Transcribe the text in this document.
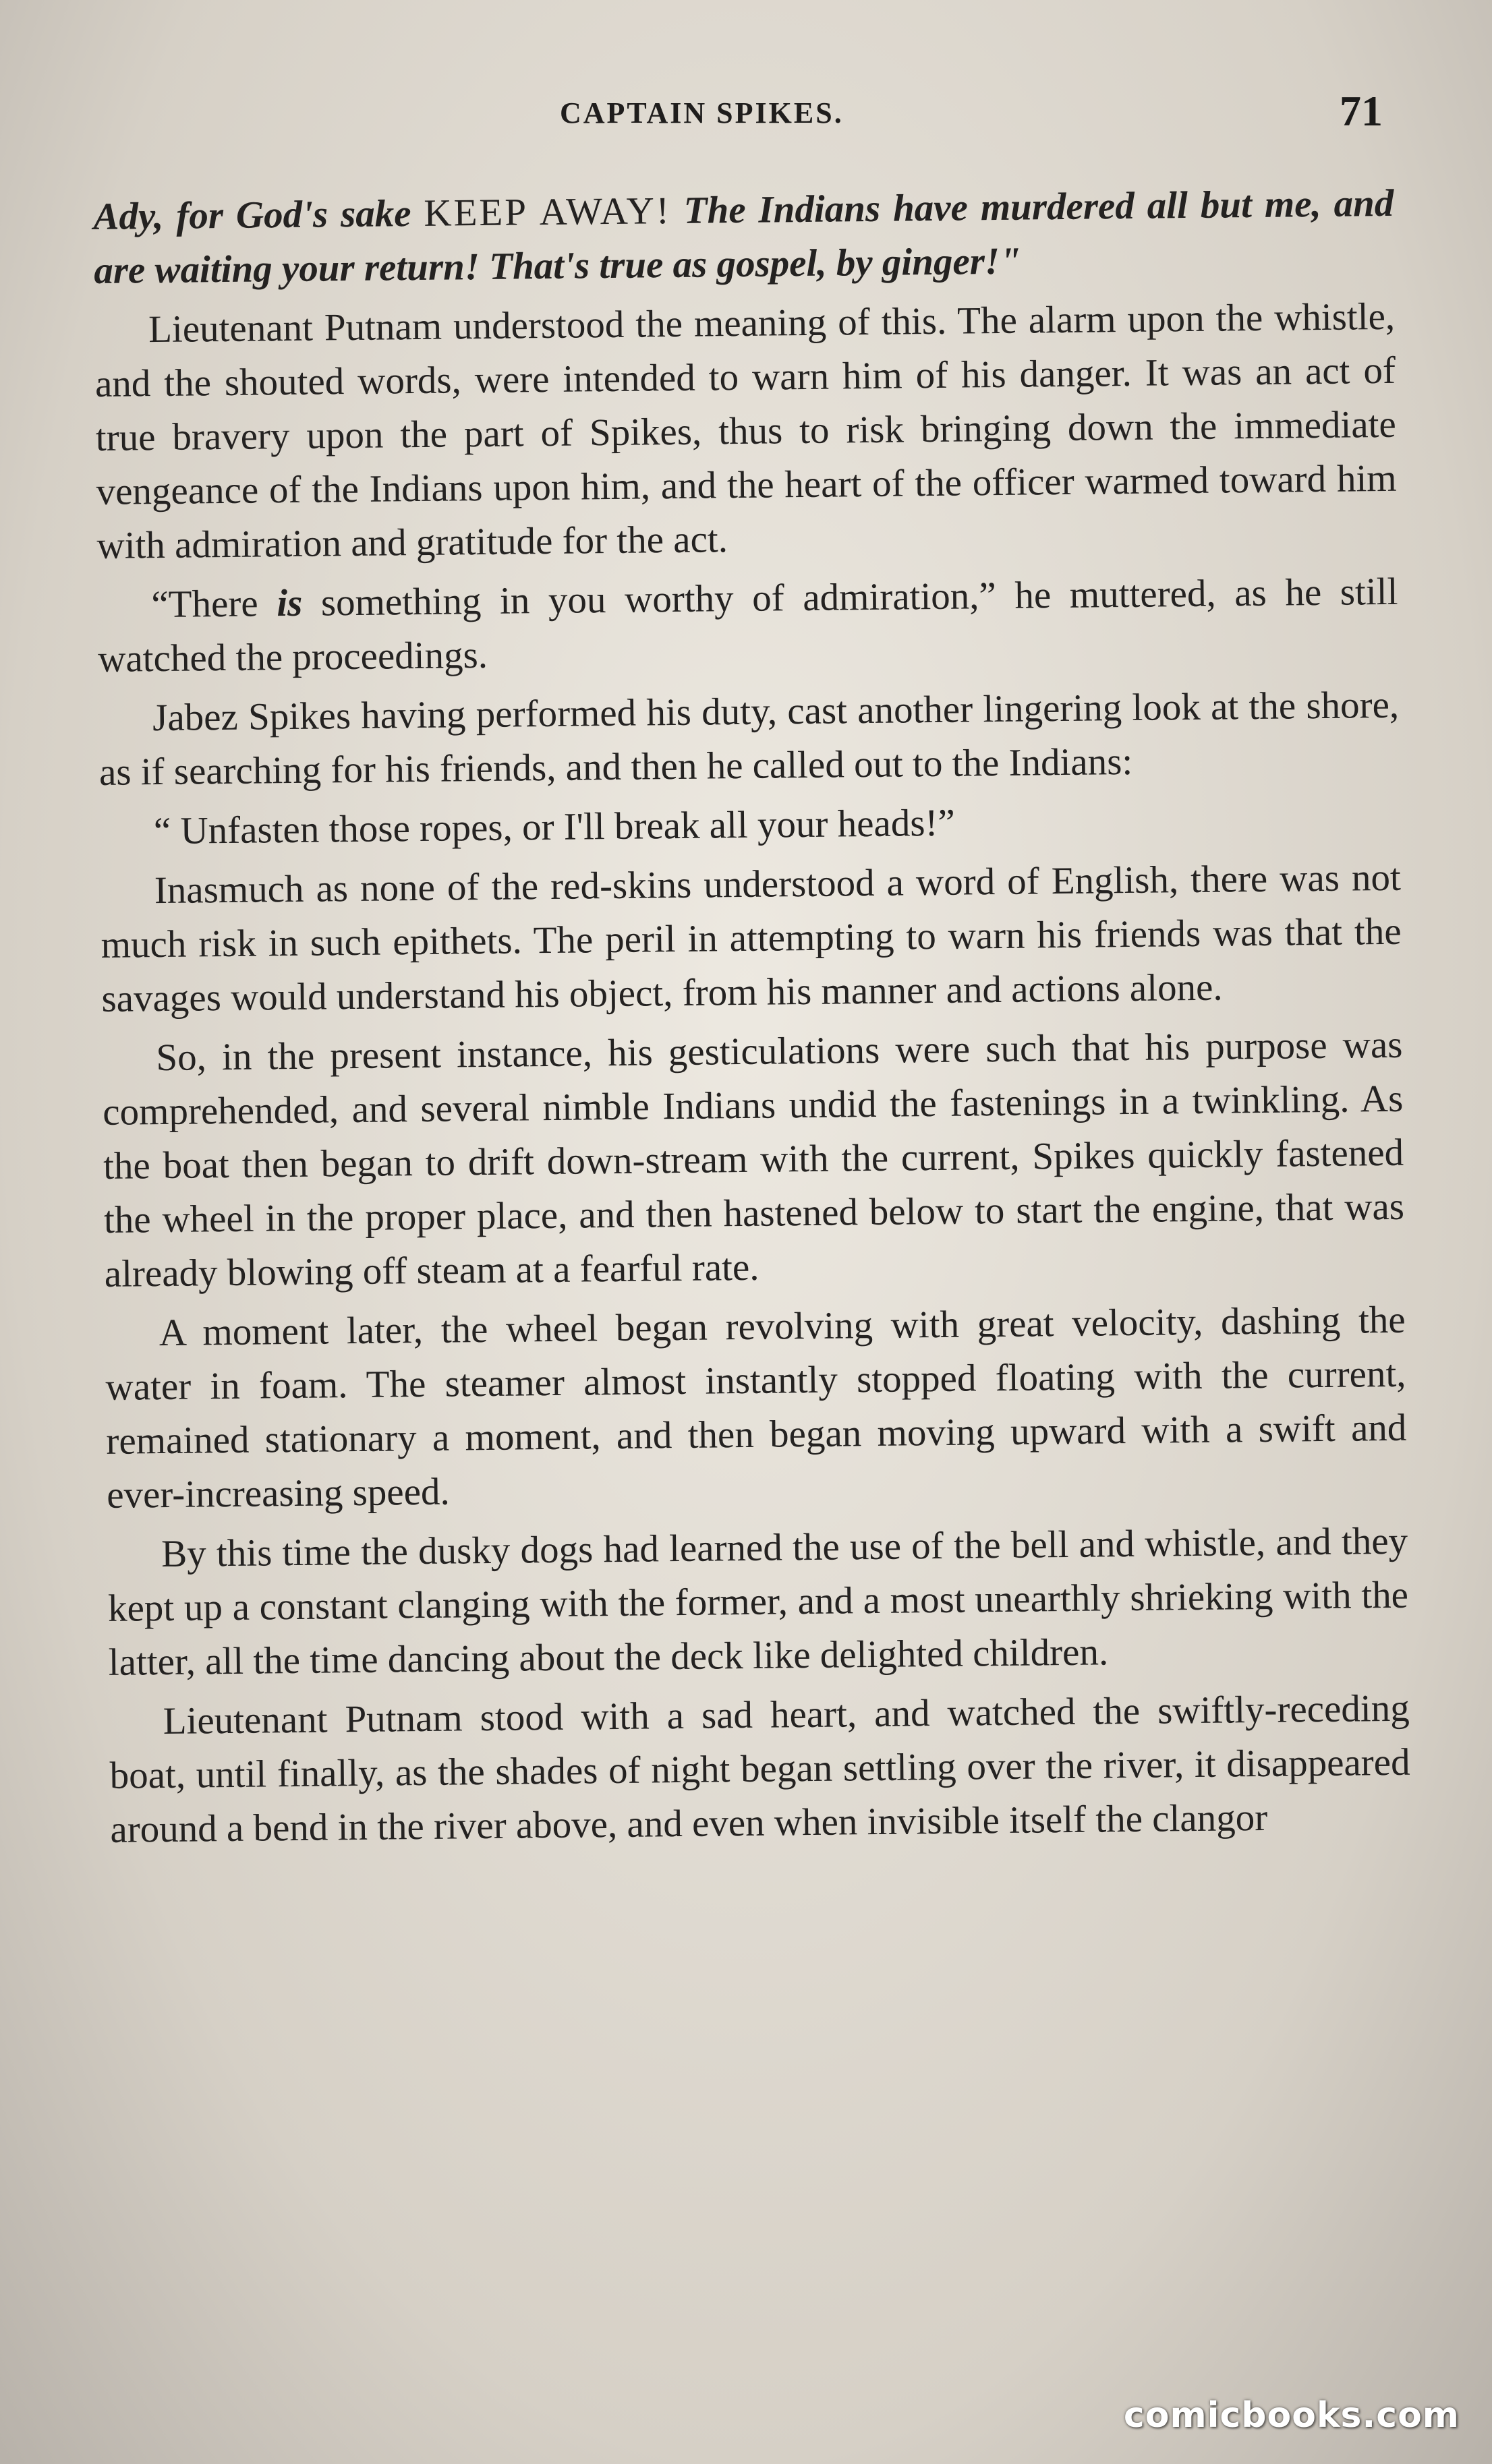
CAPTAIN SPIKES.	71

Ady, for God's sake KEEP AWAY! The Indians have murdered all but me, and are waiting your return! That's true as gospel, by ginger!"

Lieutenant Putnam understood the meaning of this. The alarm upon the whistle, and the shouted words, were intended to warn him of his danger. It was an act of true bravery upon the part of Spikes, thus to risk bringing down the immediate vengeance of the Indians upon him, and the heart of the officer warmed toward him with admiration and gratitude for the act.

“There is something in you worthy of admiration,” he muttered, as he still watched the proceedings.

Jabez Spikes having performed his duty, cast another lingering look at the shore, as if searching for his friends, and then he called out to the Indians:

“ Unfasten those ropes, or I'll break all your heads!”

Inasmuch as none of the red-skins understood a word of English, there was not much risk in such epithets. The peril in attempting to warn his friends was that the savages would understand his object, from his manner and actions alone.

So, in the present instance, his gesticulations were such that his purpose was comprehended, and several nimble Indians undid the fastenings in a twinkling. As the boat then began to drift down-stream with the current, Spikes quickly fastened the wheel in the proper place, and then hastened below to start the engine, that was already blowing off steam at a fearful rate.

A moment later, the wheel began revolving with great velocity, dashing the water in foam. The steamer almost instantly stopped floating with the current, remained stationary a moment, and then began moving upward with a swift and ever-increasing speed.

By this time the dusky dogs had learned the use of the bell and whistle, and they kept up a constant clanging with the former, and a most unearthly shrieking with the latter, all the time dancing about the deck like delighted children.

Lieutenant Putnam stood with a sad heart, and watched the swiftly-receding boat, until finally, as the shades of night began settling over the river, it disappeared around a bend in the river above, and even when invisible itself the clangor

comicbooks.com
